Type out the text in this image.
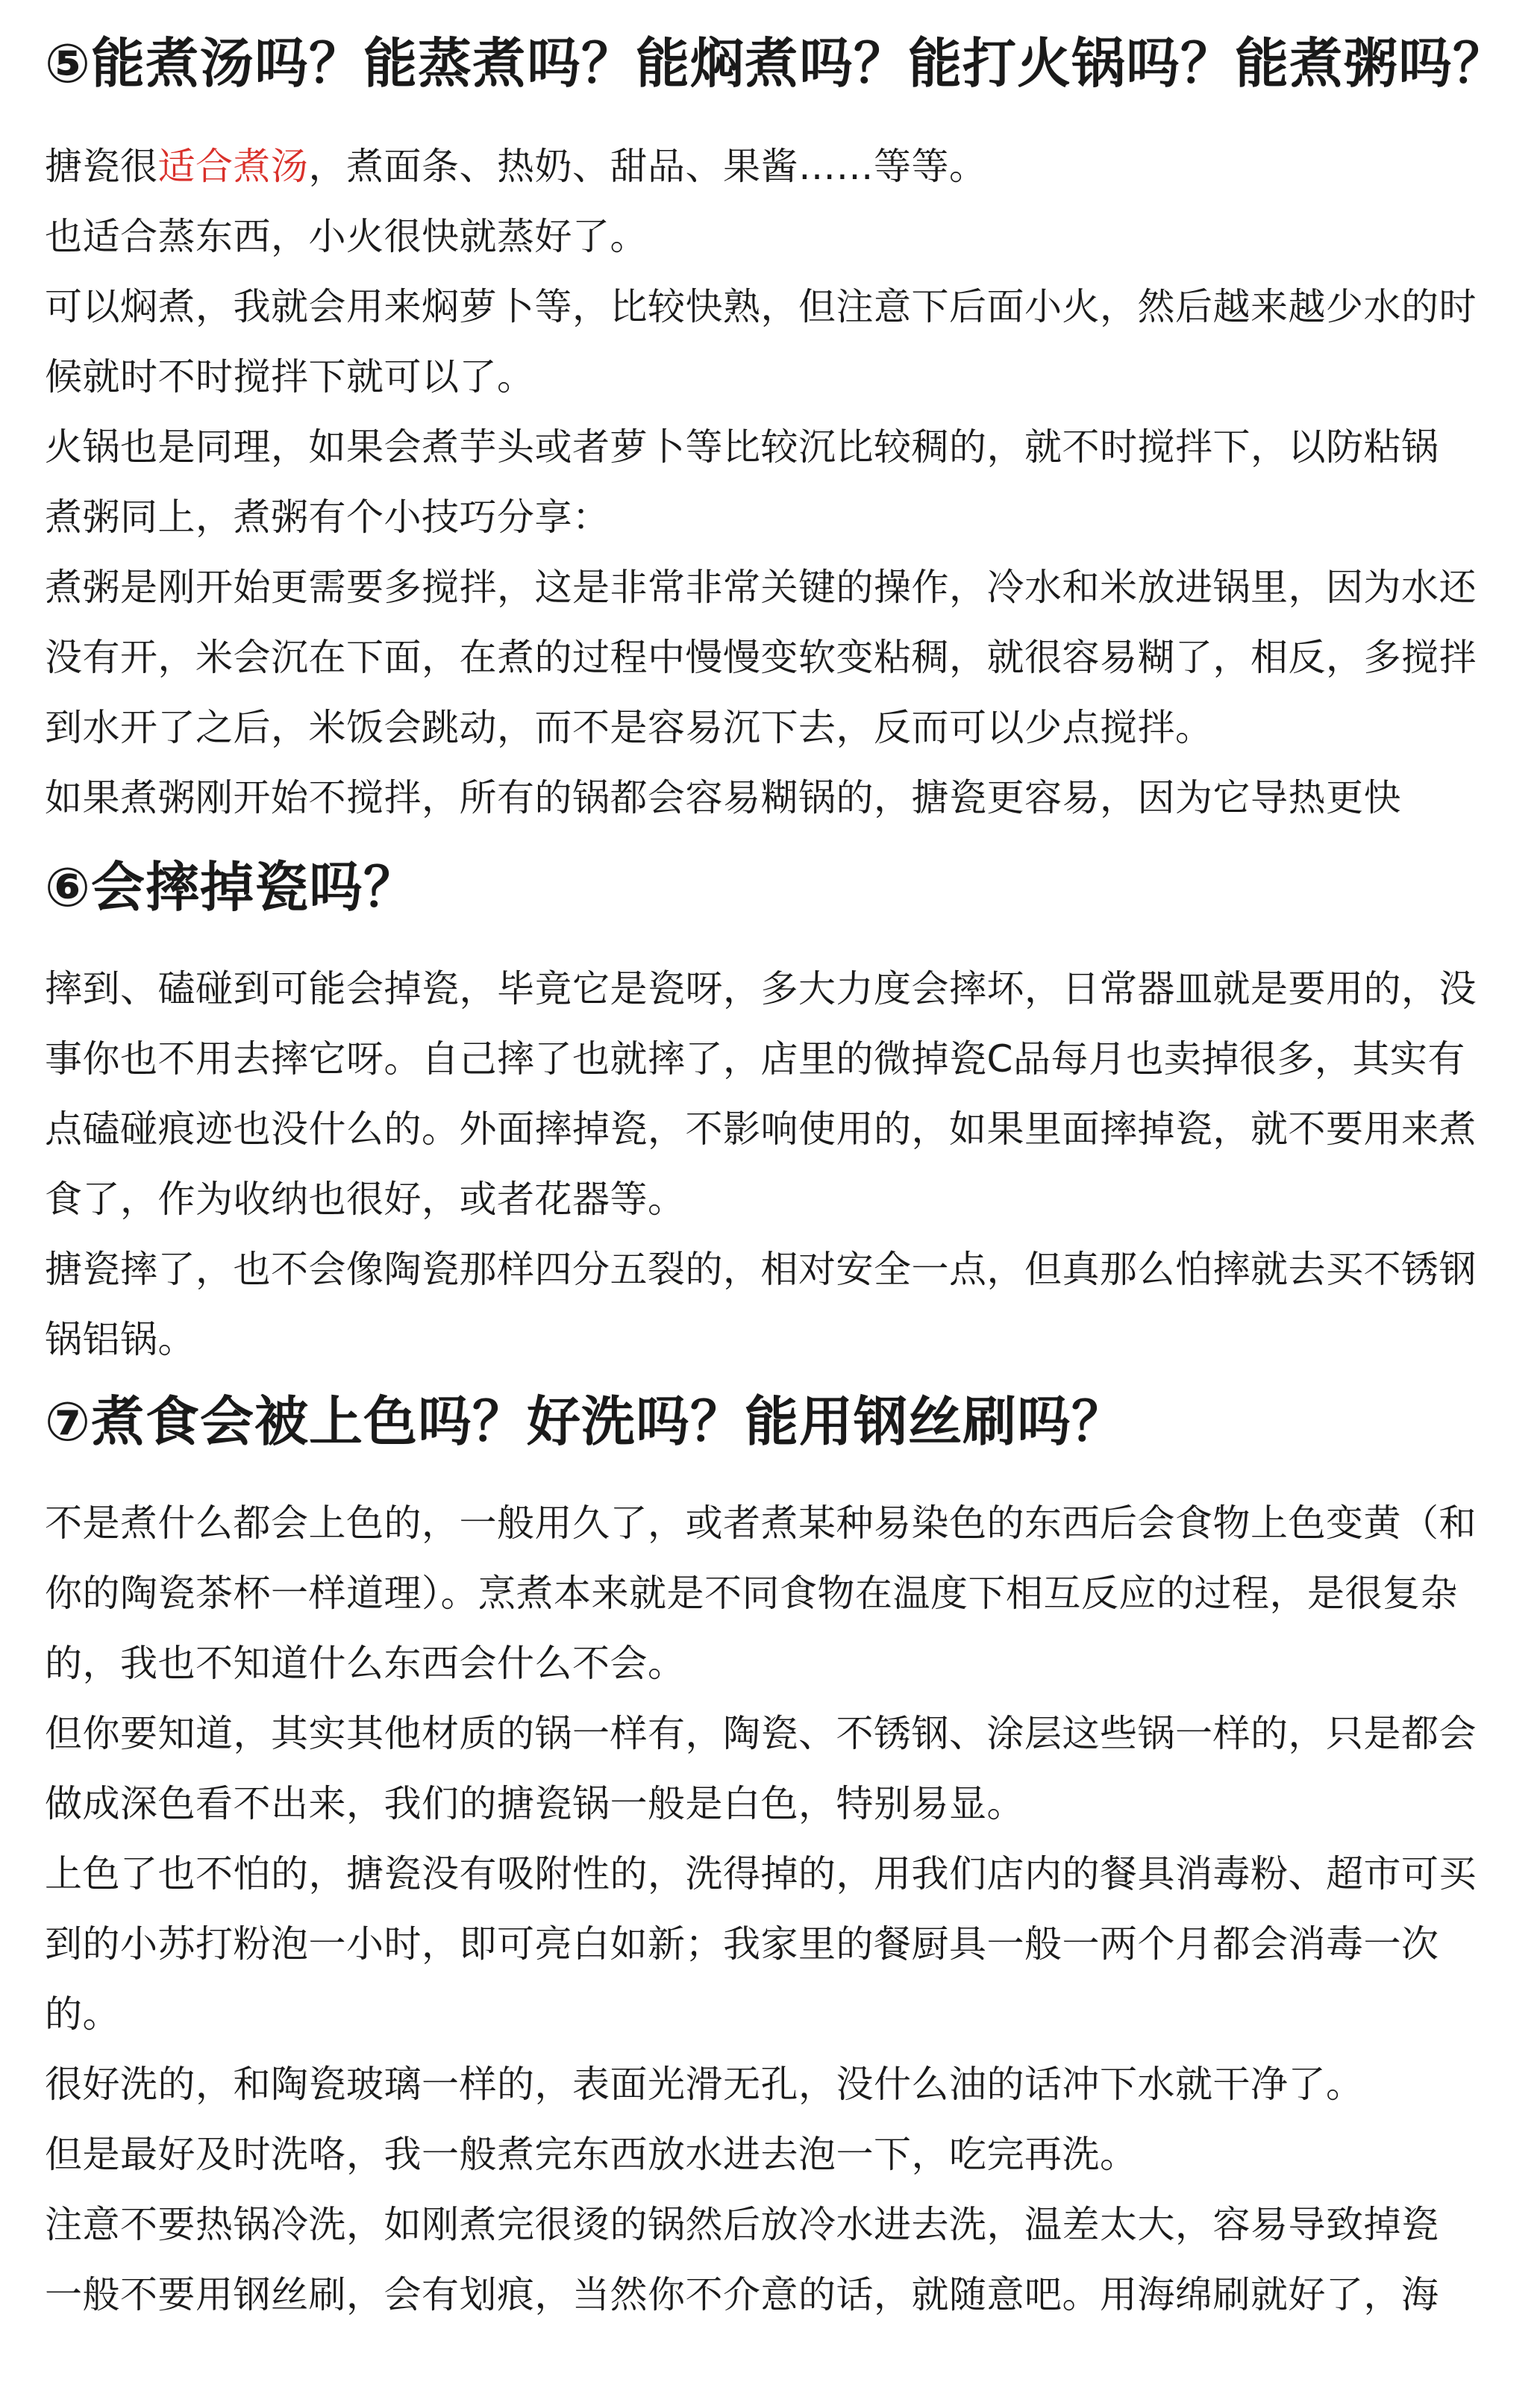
⑤能煮汤吗？能蒸煮吗？能焖煮吗？能打火锅吗？能煮粥吗？

搪瓷很适合煮汤，煮面条、热奶、甜品、果酱……等等。

也适合蒸东西，小火很快就蒸好了。

可以焖煮，我就会用来焖萝卜等，比较快熟，但注意下后面小火，然后越来越少水的时候就时不时搅拌下就可以了。

火锅也是同理，如果会煮芋头或者萝卜等比较沉比较稠的，就不时搅拌下，以防粘锅

煮粥同上，煮粥有个小技巧分享：

煮粥是刚开始更需要多搅拌，这是非常非常关键的操作，冷水和米放进锅里，因为水还没有开，米会沉在下面，在煮的过程中慢慢变软变粘稠，就很容易糊了，相反，多搅拌到水开了之后，米饭会跳动，而不是容易沉下去，反而可以少点搅拌。

如果煮粥刚开始不搅拌，所有的锅都会容易糊锅的，搪瓷更容易，因为它导热更快

⑥会摔掉瓷吗？

摔到、磕碰到可能会掉瓷，毕竟它是瓷呀，多大力度会摔坏，日常器皿就是要用的，没事你也不用去摔它呀。自己摔了也就摔了，店里的微掉瓷C品每月也卖掉很多，其实有点磕碰痕迹也没什么的。外面摔掉瓷，不影响使用的，如果里面摔掉瓷，就不要用来煮食了，作为收纳也很好，或者花器等。

搪瓷摔了，也不会像陶瓷那样四分五裂的，相对安全一点，但真那么怕摔就去买不锈钢锅铝锅。

⑦煮食会被上色吗？好洗吗？能用钢丝刷吗？

不是煮什么都会上色的，一般用久了，或者煮某种易染色的东西后会食物上色变黄（和你的陶瓷茶杯一样道理）。烹煮本来就是不同食物在温度下相互反应的过程，是很复杂的，我也不知道什么东西会什么不会。

但你要知道，其实其他材质的锅一样有，陶瓷、不锈钢、涂层这些锅一样的，只是都会做成深色看不出来，我们的搪瓷锅一般是白色，特别易显。

上色了也不怕的，搪瓷没有吸附性的，洗得掉的，用我们店内的餐具消毒粉、超市可买到的小苏打粉泡一小时，即可亮白如新；我家里的餐厨具一般一两个月都会消毒一次的。

很好洗的，和陶瓷玻璃一样的，表面光滑无孔，没什么油的话冲下水就干净了。

但是最好及时洗咯，我一般煮完东西放水进去泡一下，吃完再洗。

注意不要热锅冷洗，如刚煮完很烫的锅然后放冷水进去洗，温差太大，容易导致掉瓷

一般不要用钢丝刷，会有划痕，当然你不介意的话，就随意吧。用海绵刷就好了，海
